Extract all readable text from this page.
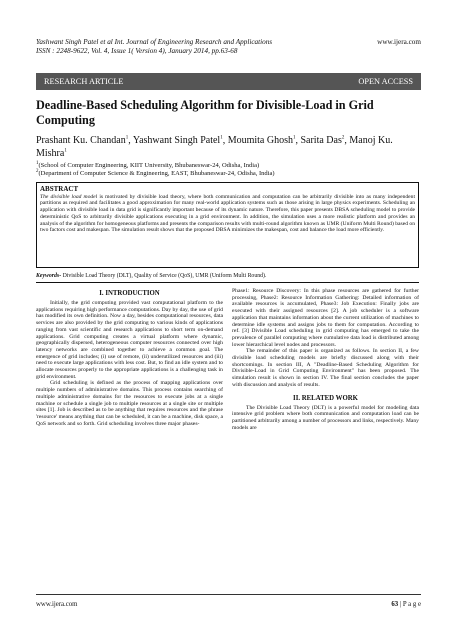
Yashwant Singh Patel et al Int. Journal of Engineering Research and Applications	www.ijera.com
ISSN : 2248-9622, Vol. 4, Issue 1( Version 4), January 2014, pp.63-68
RESEARCH ARTICLE	OPEN ACCESS
Deadline-Based Scheduling Algorithm for Divisible-Load in Grid Computing
Prashant Ku. Chandan$^1$, Yashwant Singh Patel$^1$, Moumita Ghosh$^1$, Sarita Das$^2$, Manoj Ku. Mishra$^1$
$^1$(School of Computer Engineering, KIIT University, Bhubaneswar-24, Odisha, India)
$^2$(Department of Computer Science & Engineering, EAST, Bhubaneswar-24, Odisha, India)
ABSTRACT
The divisible load model is motivated by divisible load theory, where both communication and computation can be arbitrarily divisible into as many independent partitions as required and facilitates a good approximation for many real-world application systems such as those arising in large physics experiments. Scheduling an application with divisible load in data grid is significantly important because of its dynamic nature. Therefore, this paper presents DBSA scheduling model to provide deterministic QoS to arbitrarily divisible applications executing in a grid environment. In addition, the simulation uses a more realistic platform and provides an analysis of the algorithm for homogeneous platforms and presents the comparison results with multi-round algorithm known as UMR (Uniform Multi Round) based on two factors cost and makespan. The simulation result shows that the proposed DBSA minimizes the makespan, cost and balance the load more efficiently.
Keywords- Divisible Load Theory (DLT), Quality of Service (QoS), UMR (Uniform Multi Round).
I. INTRODUCTION

Initially, the grid computing provided vast computational platform to the applications requiring high performance computations. Day by day, the use of grid has modified its own definition. Now a day, besides computational resources, data services are also provided by the grid computing to various kinds of applications ranging from vast scientific and research applications to short term on-demand applications. Grid computing creates a virtual platform where dynamic, geographically dispersed, heterogeneous computer resources connected over high latency networks are combined together to achieve a common goal. The emergence of grid includes; (i) use of remote, (ii) underutilized resources and (iii) need to execute large applications with less cost. But, to find an idle system and to allocate resources properly to the appropriate applications is a challenging task in grid environment.

Grid scheduling is defined as the process of mapping applications over multiple numbers of administrative domains. This process contains searching of multiple administrative domains for the resources to execute jobs at a single machine or schedule a single job to multiple resources at a single site or multiple sites [1]. Job is described as to be anything that requires resources and the phrase 'resource' means anything that can be scheduled, it can be a machine, disk space, a QoS network and so forth. Grid scheduling involves three major phases-

Phase1: Resource Discovery: In this phase resources are gathered for further processing, Phase2: Resource Information Gathering: Detailed information of available resources is accumulated, Phase3: Job Execution: Finally jobs are executed with their assigned resources [2]. A job scheduler is a software application that maintains information about the current utilization of machines to determine idle systems and assigns jobs to them for computation. According to ref. [3] Divisible Load scheduling in grid computing has emerged to take the prevalence of parallel computing where cumulative data load is distributed among lower hierarchical level nodes and processors.

The remainder of this paper is organized as follows. In section II, a few divisible load scheduling models are briefly discussed along with their shortcomings. In section III, A "Deadline-Based Scheduling Algorithm for Divisible-Load in Grid Computing Environment" has been proposed. The simulation result is shown in section IV. The final section concludes the paper with discussion and analysis of results.

II. RELATED WORK

The Divisible Load Theory (DLT) is a powerful model for modeling data intensive grid problem where both communication and computation load can be partitioned arbitrarily among a number of processors and links, respectively. Many models are

www.ijera.com	63 | P a g e
